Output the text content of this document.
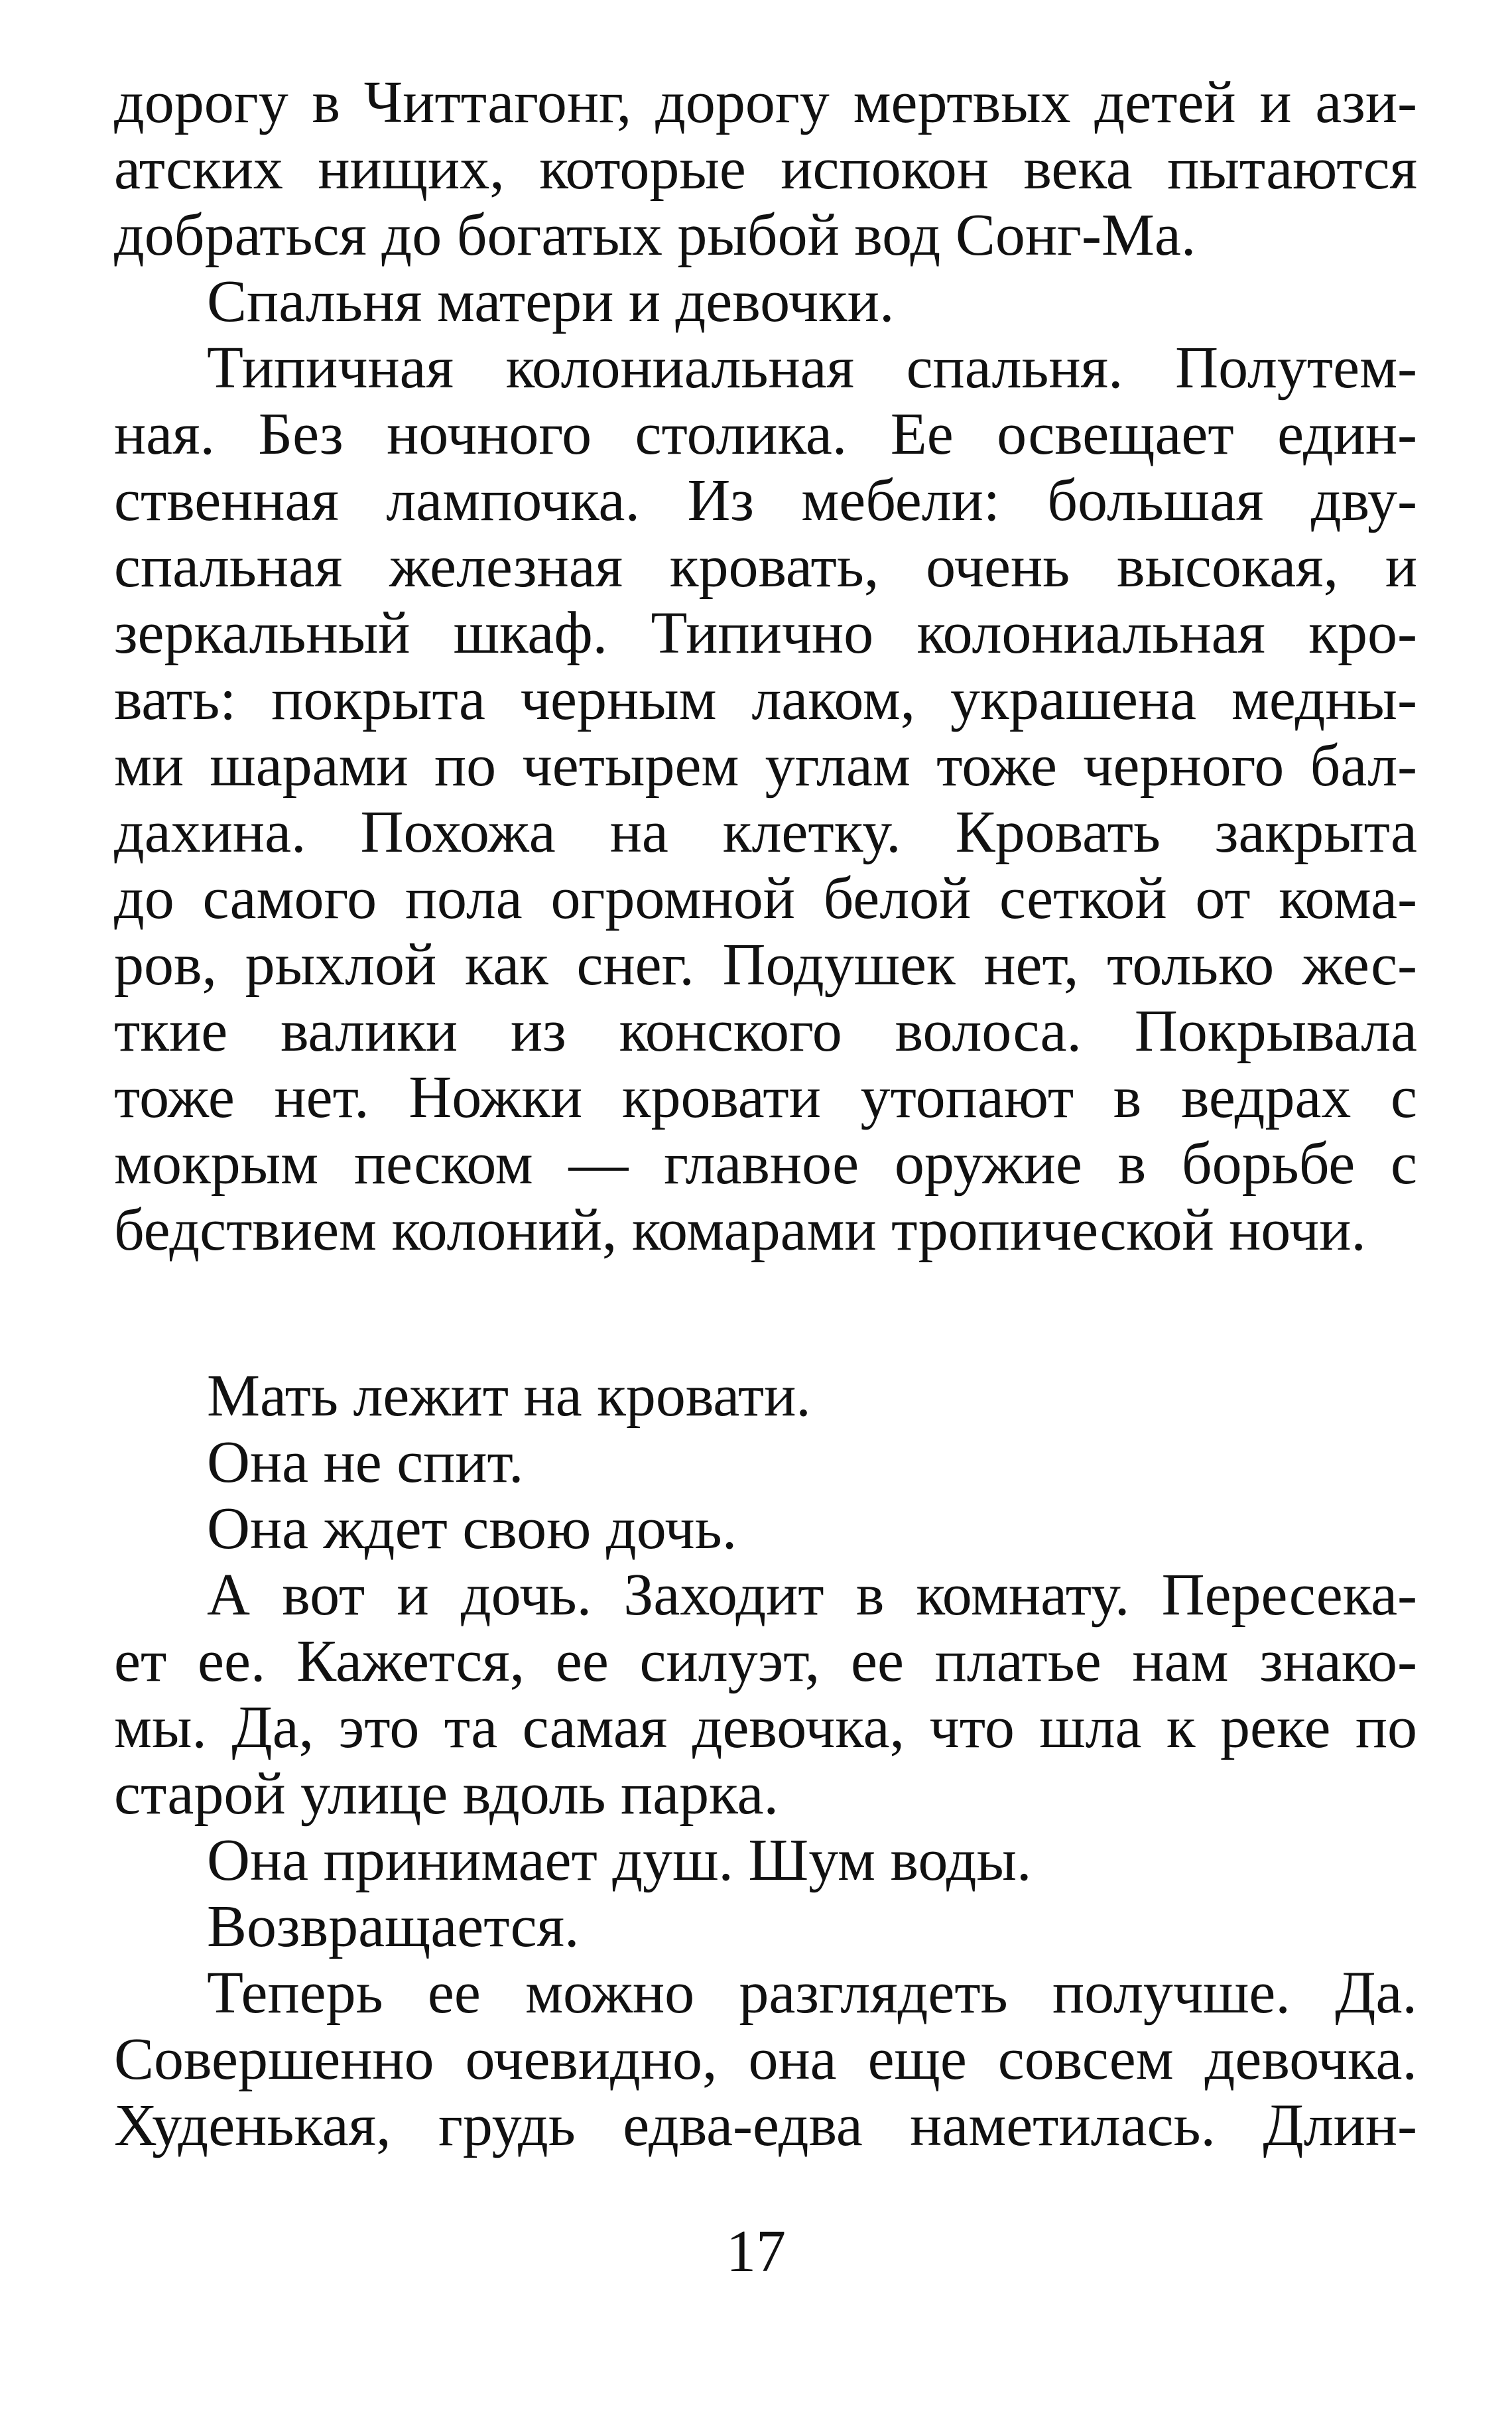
дорогу в Читтагонг, дорогу мертвых детей и ази-
атских нищих, которые испокон века пытаются
добраться до богатых рыбой вод Сонг-Ма.
Спальня матери и девочки.
Типичная колониальная спальня. Полутем-
ная. Без ночного столика. Ее освещает един-
ственная лампочка. Из мебели: большая дву-
спальная железная кровать, очень высокая, и
зеркальный шкаф. Типично колониальная кро-
вать: покрыта черным лаком, украшена медны-
ми шарами по четырем углам тоже черного бал-
дахина. Похожа на клетку. Кровать закрыта
до самого пола огромной белой сеткой от кома-
ров, рыхлой как снег. Подушек нет, только жес-
ткие валики из конского волоса. Покрывала
тоже нет. Ножки кровати утопают в ведрах с
мокрым песком — главное оружие в борьбе с
бедствием колоний, комарами тропической ночи.
Мать лежит на кровати.
Она не спит.
Она ждет свою дочь.
А вот и дочь. Заходит в комнату. Пересека-
ет ее. Кажется, ее силуэт, ее платье нам знако-
мы. Да, это та самая девочка, что шла к реке по
старой улице вдоль парка.
Она принимает душ. Шум воды.
Возвращается.
Теперь ее можно разглядеть получше. Да.
Совершенно очевидно, она еще совсем девочка.
Худенькая, грудь едва-едва наметилась. Длин-
17
